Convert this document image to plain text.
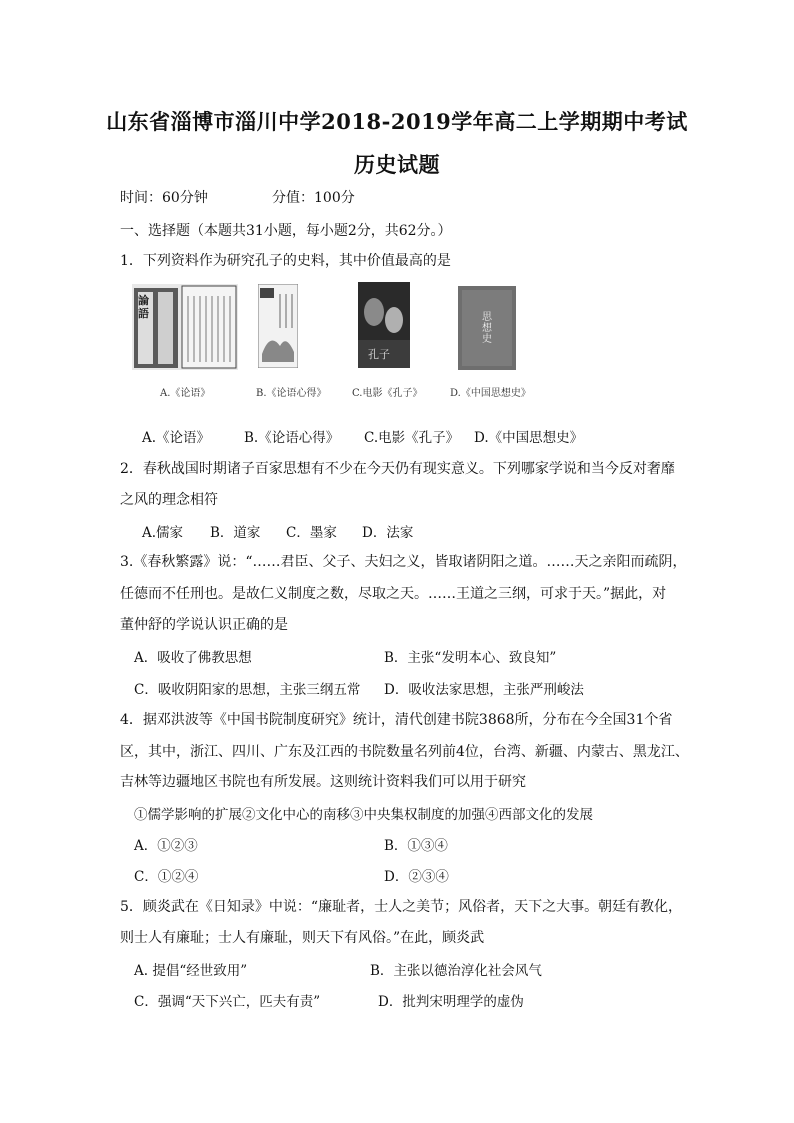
山东省淄博市淄川中学2018-2019学年高二上学期期中考试
历史试题
时间：60分钟	分值：100分
一、选择题（本题共31小题，每小题2分，共62分。）
1．下列资料作为研究孔子的史料，其中价值最高的是
論語
孔子
思想史
A.《论语》	B.《论语心得》	C.电影《孔子》	D.《中国思想史》
A.《论语》	B.《论语心得》 C.电影《孔子》 D.《中国思想史》
2．春秋战国时期诸子百家思想有不少在今天仍有现实意义。下列哪家学说和当今反对奢靡
之风的理念相符
A.儒家 B．道家 C．墨家 D．法家
3.《春秋繁露》说：“……君臣、父子、夫妇之义，皆取诸阴阳之道。……天之亲阳而疏阴，
任德而不任刑也。是故仁义制度之数，尽取之天。……王道之三纲，可求于天。”据此，对
董仲舒的学说认识正确的是
A．吸收了佛教思想	B．主张“发明本心、致良知”
C．吸收阴阳家的思想，主张三纲五常 D．吸收法家思想，主张严刑峻法
4．据邓洪波等《中国书院制度研究》统计，清代创建书院3868所，分布在今全国31个省
区，其中，浙江、四川、广东及江西的书院数量名列前4位，台湾、新疆、内蒙古、黑龙江、
吉林等边疆地区书院也有所发展。这则统计资料我们可以用于研究
①儒学影响的扩展②文化中心的南移③中央集权制度的加强④西部文化的发展
A．①②③	B．①③④
C．①②④	D．②③④
5．顾炎武在《日知录》中说：“廉耻者，士人之美节；风俗者，天下之大事。朝廷有教化，
则士人有廉耻；士人有廉耻，则天下有风俗。”在此，顾炎武
A. 提倡“经世致用”	B．主张以德治淳化社会风气
C．强调“天下兴亡，匹夫有责”	D．批判宋明理学的虚伪
